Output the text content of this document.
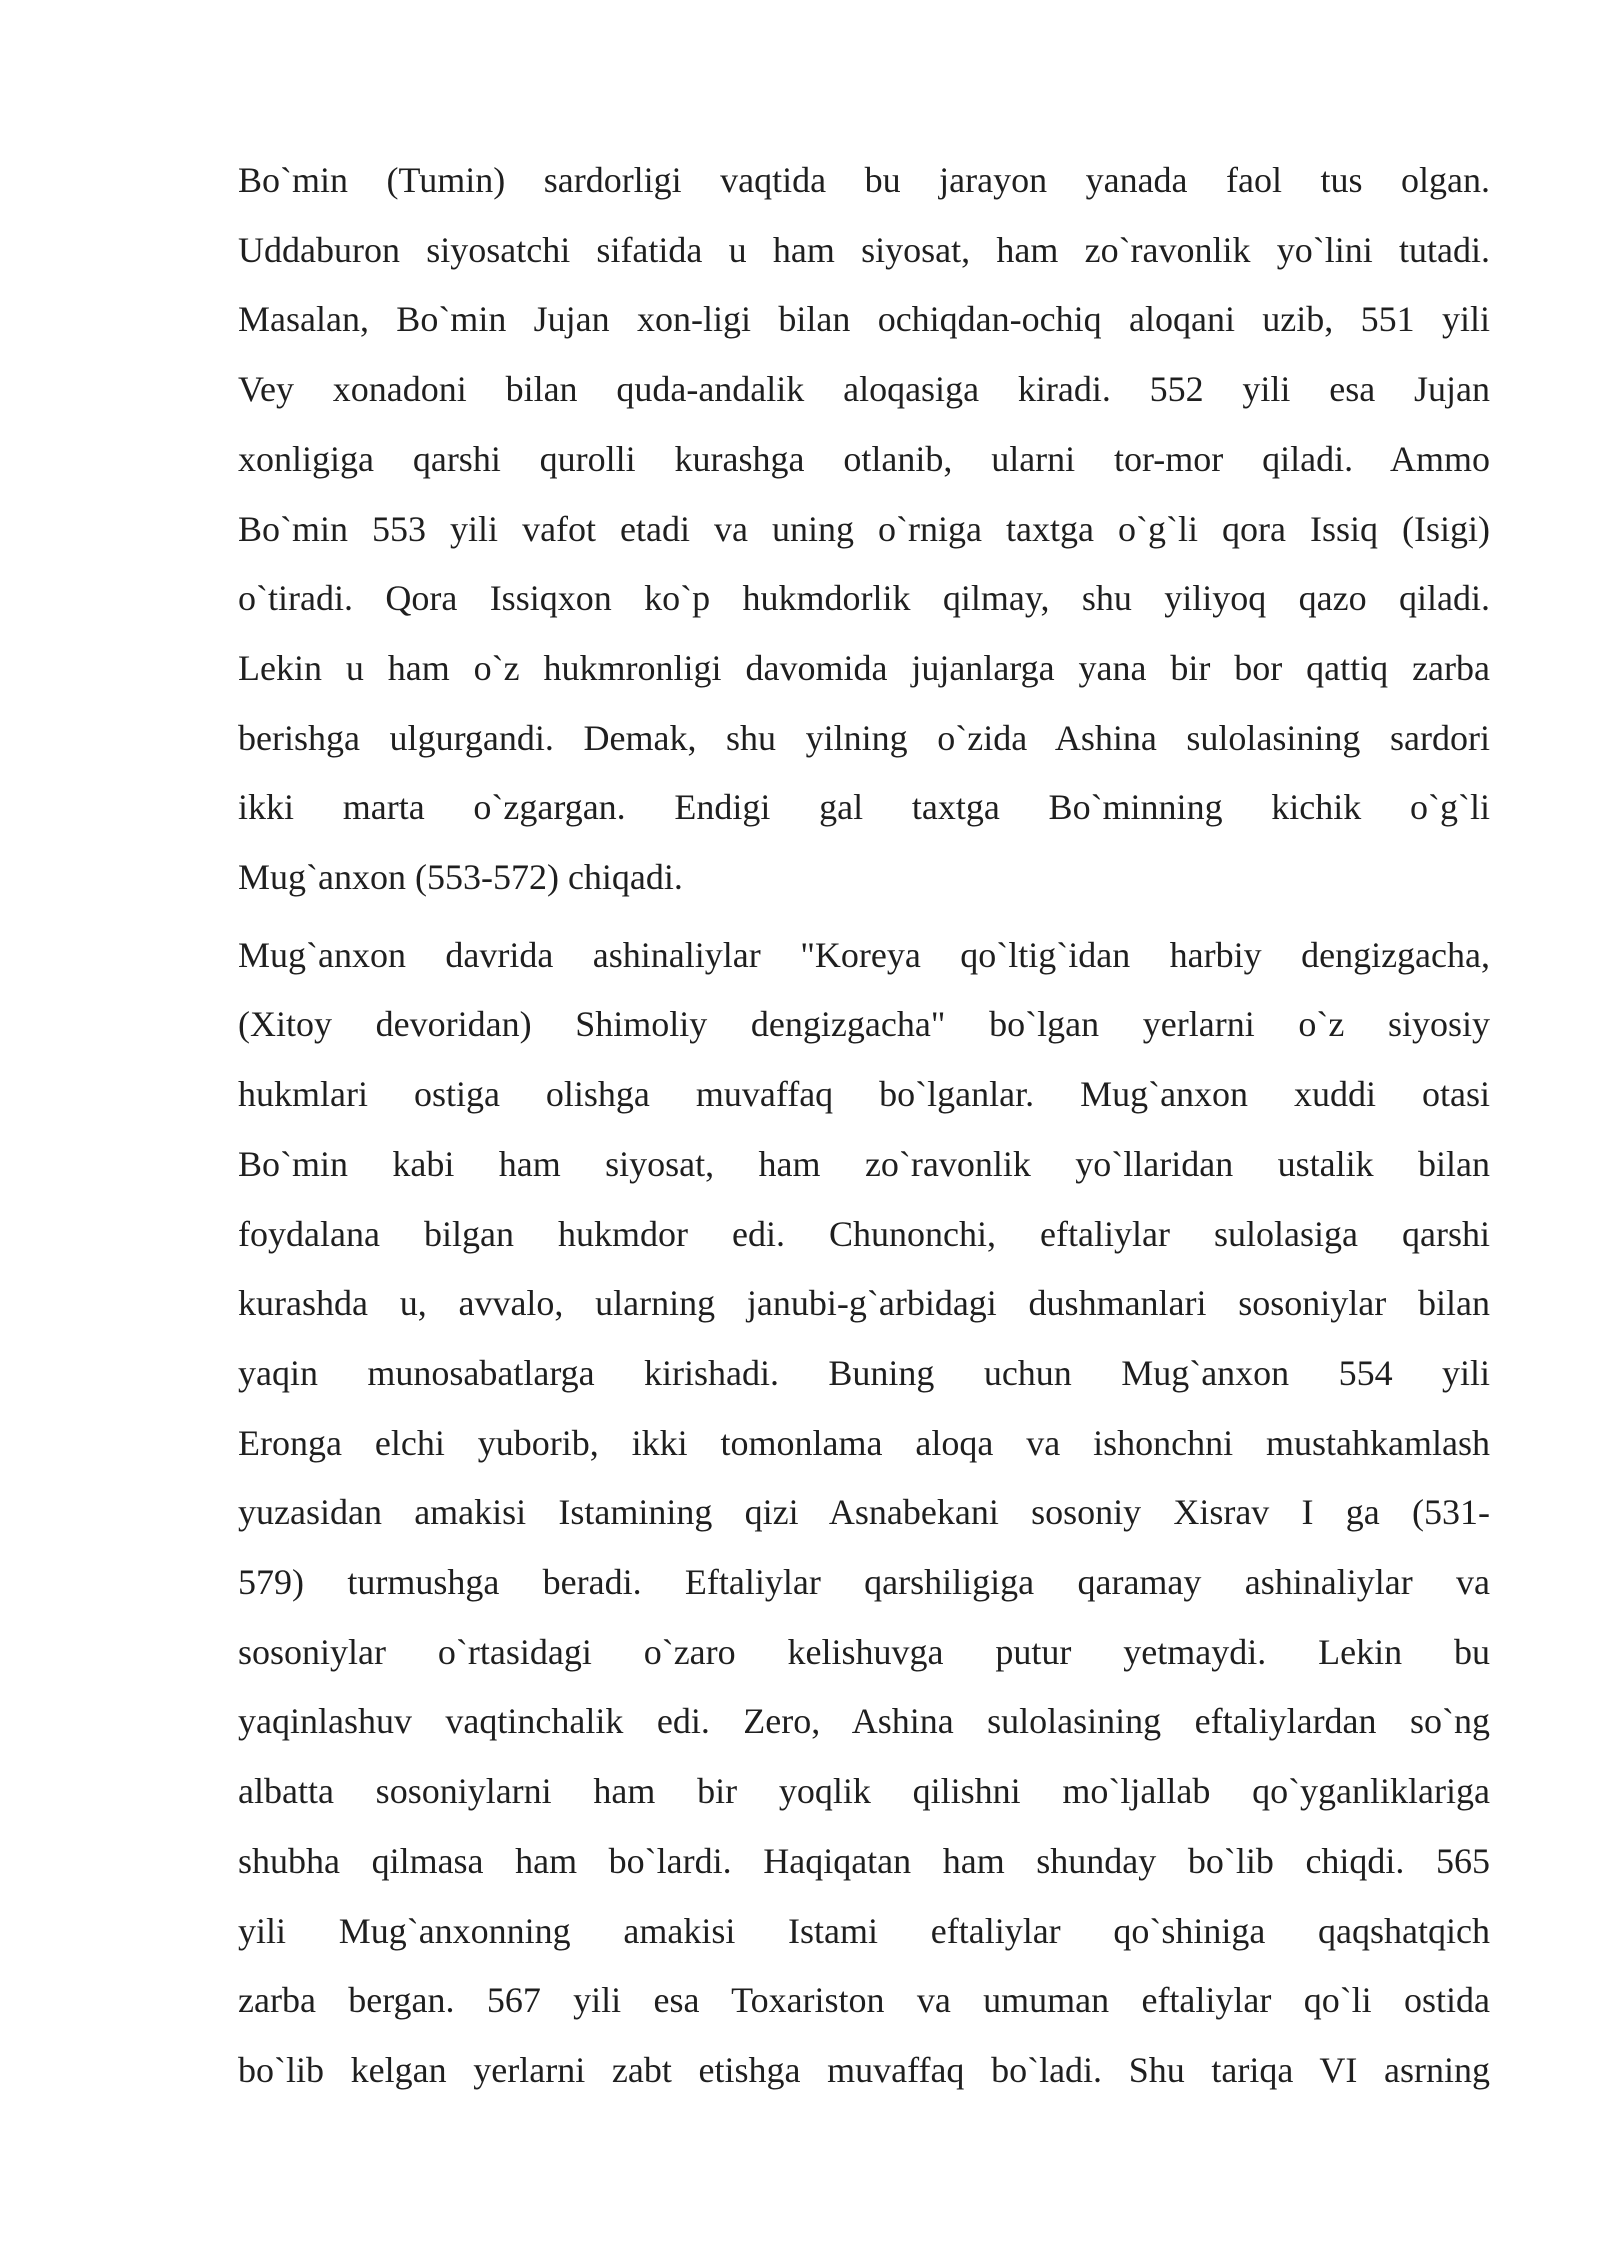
Bo`min (Tumin) sardorligi vaqtida bu jarayon yanada faol tus olgan.
Uddaburon siyosatchi sifatida u ham siyosat, ham zo`ravonlik yo`lini tutadi.
Masalan, Bo`min Jujan xon-ligi bilan ochiqdan-ochiq aloqani uzib, 551 yili
Vey xonadoni bilan quda-andalik aloqasiga kiradi. 552 yili esa Jujan
xonligiga qarshi qurolli kurashga otlanib, ularni tor-mor qiladi. Ammo
Bo`min 553 yili vafot etadi va uning o`rniga taxtga o`g`li qora Issiq (Isigi)
o`tiradi. Qora Issiqxon ko`p hukmdorlik qilmay, shu yiliyoq qazo qiladi.
Lekin u ham o`z hukmronligi davomida jujanlarga yana bir bor qattiq zarba
berishga ulgurgandi. Demak, shu yilning o`zida Ashina sulolasining sardori
ikki marta o`zgargan. Endigi gal taxtga Bo`minning kichik o`g`li
Mug`anxon (553-572) chiqadi.

Mug`anxon davrida ashinaliylar "Koreya qo`ltig`idan harbiy dengizgacha,
(Xitoy devoridan) Shimoliy dengizgacha" bo`lgan yerlarni o`z siyosiy
hukmlari ostiga olishga muvaffaq bo`lganlar. Mug`anxon xuddi otasi
Bo`min kabi ham siyosat, ham zo`ravonlik yo`llaridan ustalik bilan
foydalana bilgan hukmdor edi. Chunonchi, eftaliylar sulolasiga qarshi
kurashda u, avvalo, ularning janubi-g`arbidagi dushmanlari sosoniylar bilan
yaqin munosabatlarga kirishadi. Buning uchun Mug`anxon 554 yili
Eronga elchi yuborib, ikki tomonlama aloqa va ishonchni mustahkamlash
yuzasidan amakisi Istamining qizi Asnabekani sosoniy Xisrav I ga (531-
579) turmushga beradi. Eftaliylar qarshiligiga qaramay ashinaliylar va
sosoniylar o`rtasidagi o`zaro kelishuvga putur yetmaydi. Lekin bu
yaqinlashuv vaqtinchalik edi. Zero, Ashina sulolasining eftaliylardan so`ng
albatta sosoniylarni ham bir yoqlik qilishni mo`ljallab qo`yganliklariga
shubha qilmasa ham bo`lardi. Haqiqatan ham shunday bo`lib chiqdi. 565
yili Mug`anxonning amakisi Istami eftaliylar qo`shiniga qaqshatqich
zarba bergan. 567 yili esa Toxariston va umuman eftaliylar qo`li ostida
bo`lib kelgan yerlarni zabt etishga muvaffaq bo`ladi. Shu tariqa VI asrning
